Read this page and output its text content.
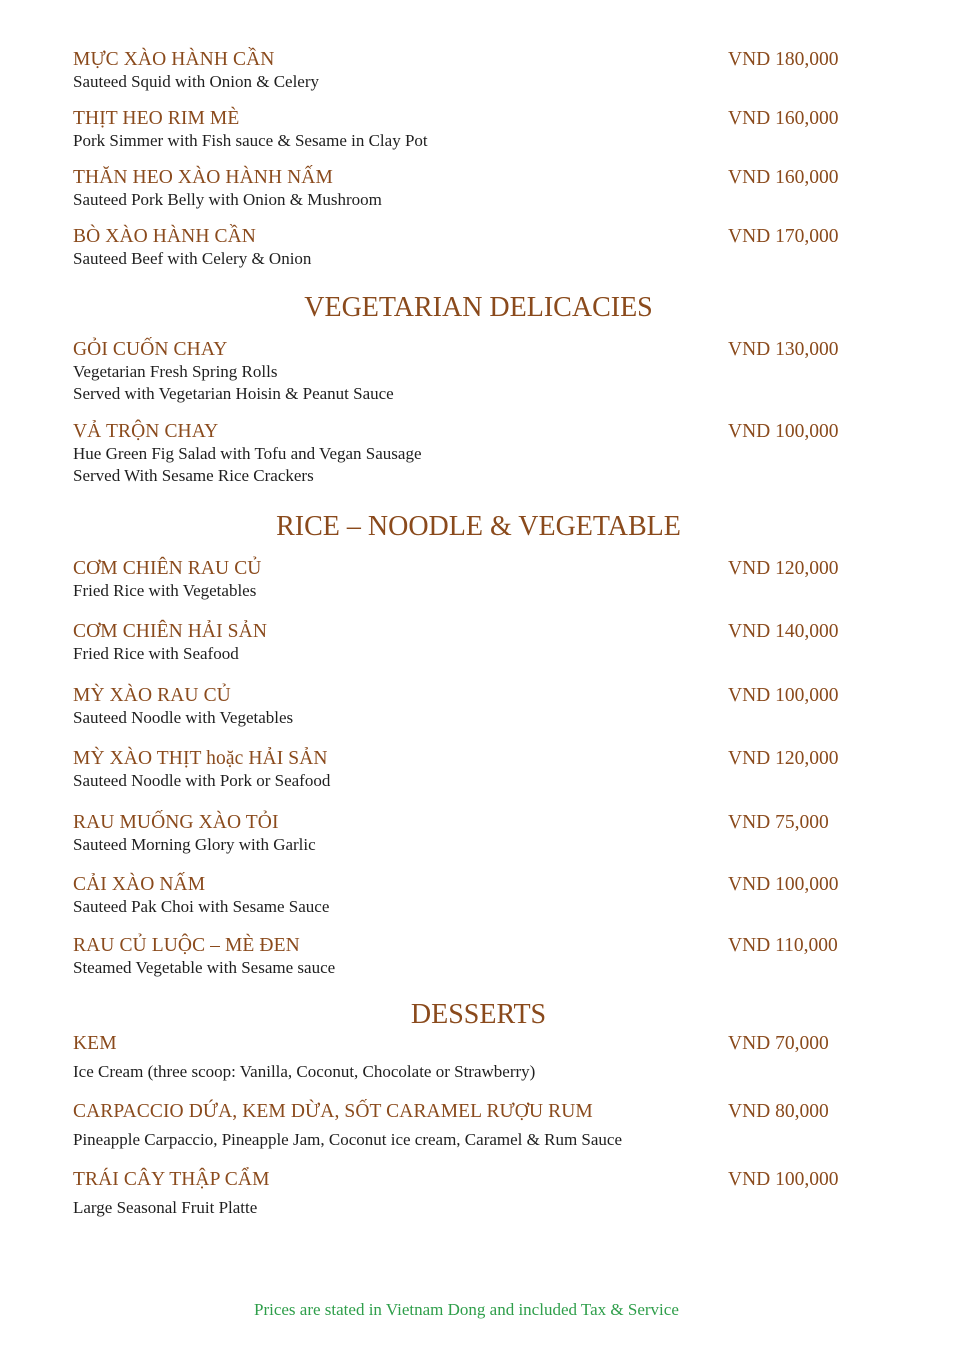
MỰC XÀO HÀNH CẦN	VND 180,000
Sauteed Squid with Onion & Celery
THỊT HEO RIM MÈ	VND 160,000
Pork Simmer with Fish sauce & Sesame in Clay Pot
THĂN HEO XÀO HÀNH NẤM	VND 160,000
Sauteed Pork Belly with Onion & Mushroom
BÒ XÀO HÀNH CẦN	VND 170,000
Sauteed Beef with Celery & Onion
VEGETARIAN DELICACIES
GỎI CUỐN CHAY	VND 130,000
Vegetarian Fresh Spring Rolls
Served with Vegetarian Hoisin & Peanut Sauce
VẢ TRỘN CHAY	VND 100,000
Hue Green Fig Salad with Tofu and Vegan Sausage
Served With Sesame Rice Crackers
RICE – NOODLE & VEGETABLE
CƠM CHIÊN RAU CỦ	VND 120,000
Fried Rice with Vegetables
CƠM CHIÊN HẢI SẢN	VND 140,000
Fried Rice with Seafood
MỲ XÀO RAU CỦ	VND 100,000
Sauteed Noodle with Vegetables
MỲ XÀO THỊT hoặc HẢI SẢN	VND 120,000
Sauteed Noodle with Pork or Seafood
RAU MUỐNG XÀO TỎI	VND 75,000
Sauteed Morning Glory with Garlic
CẢI XÀO NẤM	VND 100,000
Sauteed Pak Choi with Sesame Sauce
RAU CỦ LUỘC – MÈ ĐEN	VND 110,000
Steamed Vegetable with Sesame sauce
DESSERTS
KEM	VND 70,000
Ice Cream (three scoop: Vanilla, Coconut, Chocolate or Strawberry)
CARPACCIO DỨA, KEM DỪA, SỐT CARAMEL RƯỢU RUM	VND 80,000
Pineapple Carpaccio, Pineapple Jam, Coconut ice cream, Caramel & Rum Sauce
TRÁI CÂY THẬP CẨM	VND 100,000
Large Seasonal Fruit Platte
Prices are stated in Vietnam Dong and included Tax & Service
